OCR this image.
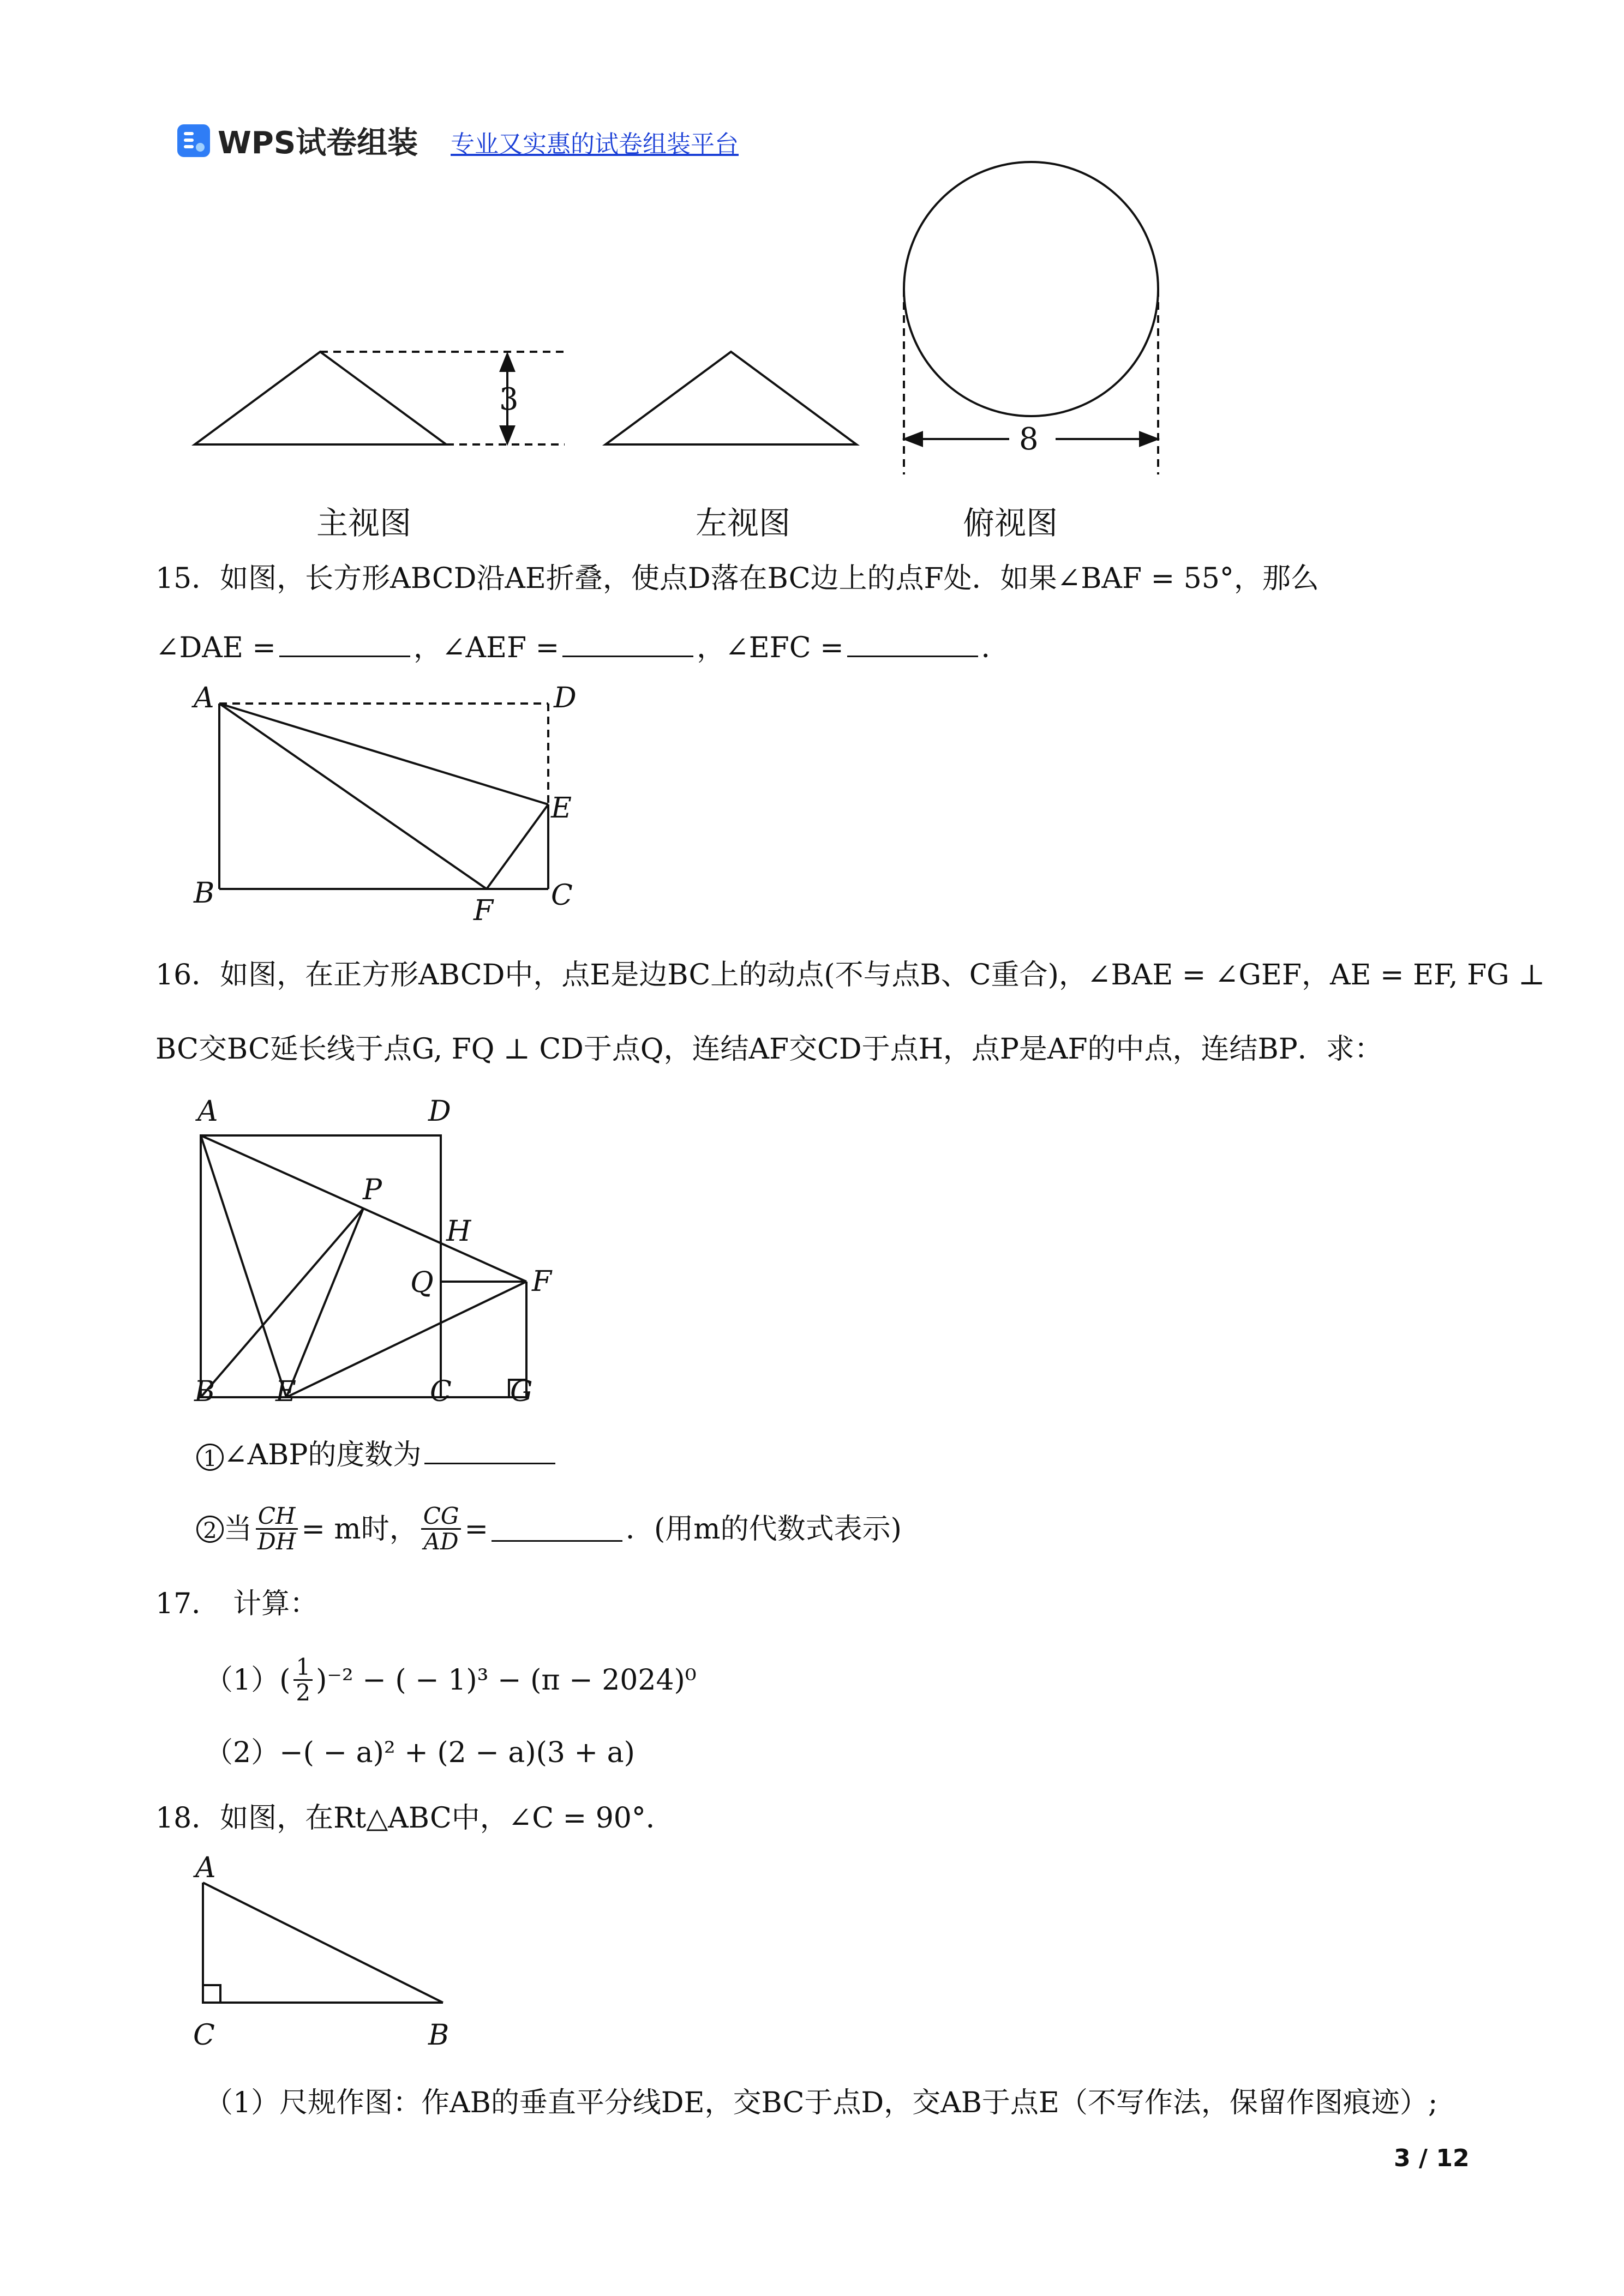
WPS试卷组装 专业又实惠的试卷组装平台
3
8
主视图	左视图	俯视图
15．如图，长方形ABCD沿AE折叠，使点D落在BC边上的点F处．如果∠BAF = 55°，那么
∠DAE =	，∠AEF =	，∠EFC =	．
A	D
E
B
F C
16．如图，在正方形ABCD中，点E是边BC上的动点(不与点B、C重合)，∠BAE = ∠GEF，AE = EF, FG ⊥
BC交BC延长线于点G, FQ ⊥ CD于点Q，连结AF交CD于点H，点P是AF的中点，连结BP．求：
A	D
P
H
Q	F
B E	C G
1 ∠ABP的度数为
2 当 $\frac{CH}{DH} = m$时， $\frac{CG}{AD}$ =	．(用m的代数式表示)
17． 计算：
（1） ( $\frac{1}{2} )^{-2}$ − ( − 1)³ − (π − 2024)⁰
（2）−( − a)² + (2 − a)(3 + a)
18．如图，在Rt△ABC中，∠C = 90°．
A
C	B
（1）尺规作图：作AB的垂直平分线DE，交BC于点D，交AB于点E（不写作法，保留作图痕迹）;
3 / 12
